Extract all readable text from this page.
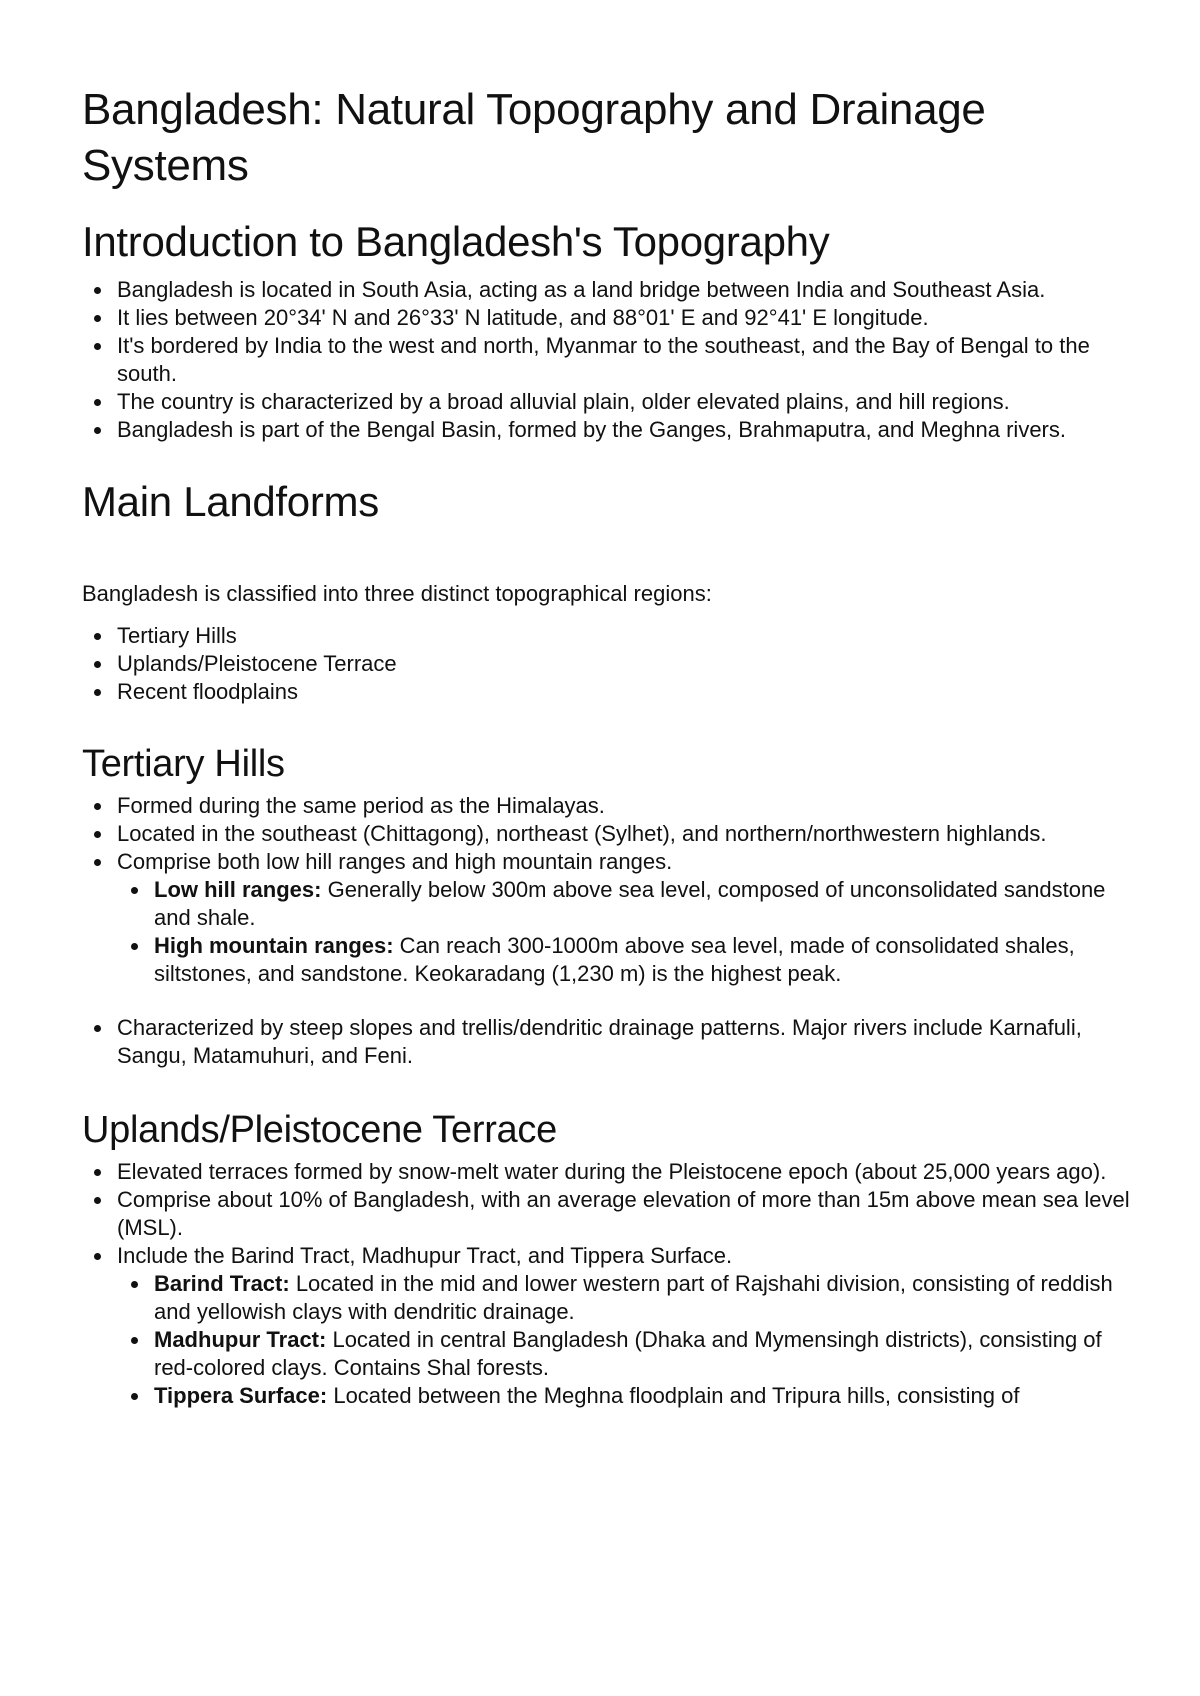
Bangladesh: Natural Topography and Drainage Systems
Introduction to Bangladesh's Topography
Bangladesh is located in South Asia, acting as a land bridge between India and Southeast Asia.
It lies between 20°34' N and 26°33' N latitude, and 88°01' E and 92°41' E longitude.
It's bordered by India to the west and north, Myanmar to the southeast, and the Bay of Bengal to the south.
The country is characterized by a broad alluvial plain, older elevated plains, and hill regions.
Bangladesh is part of the Bengal Basin, formed by the Ganges, Brahmaputra, and Meghna rivers.
Main Landforms

Bangladesh is classified into three distinct topographical regions:

Tertiary Hills
Uplands/Pleistocene Terrace
Recent floodplains
Tertiary Hills
Formed during the same period as the Himalayas.
Located in the southeast (Chittagong), northeast (Sylhet), and northern/northwestern highlands.
Comprise both low hill ranges and high mountain ranges.
Low hill ranges: Generally below 300m above sea level, composed of unconsolidated sandstone and shale.
High mountain ranges: Can reach 300-1000m above sea level, made of consolidated shales, siltstones, and sandstone. Keokaradang (1,230 m) is the highest peak.
Characterized by steep slopes and trellis/dendritic drainage patterns. Major rivers include Karnafuli, Sangu, Matamuhuri, and Feni.
Uplands/Pleistocene Terrace
Elevated terraces formed by snow-melt water during the Pleistocene epoch (about 25,000 years ago).
Comprise about 10% of Bangladesh, with an average elevation of more than 15m above mean sea level (MSL).
Include the Barind Tract, Madhupur Tract, and Tippera Surface.
Barind Tract: Located in the mid and lower western part of Rajshahi division, consisting of reddish and yellowish clays with dendritic drainage.
Madhupur Tract: Located in central Bangladesh (Dhaka and Mymensingh districts), consisting of red-colored clays. Contains Shal forests.
Tippera Surface: Located between the Meghna floodplain and Tripura hills, consisting of
